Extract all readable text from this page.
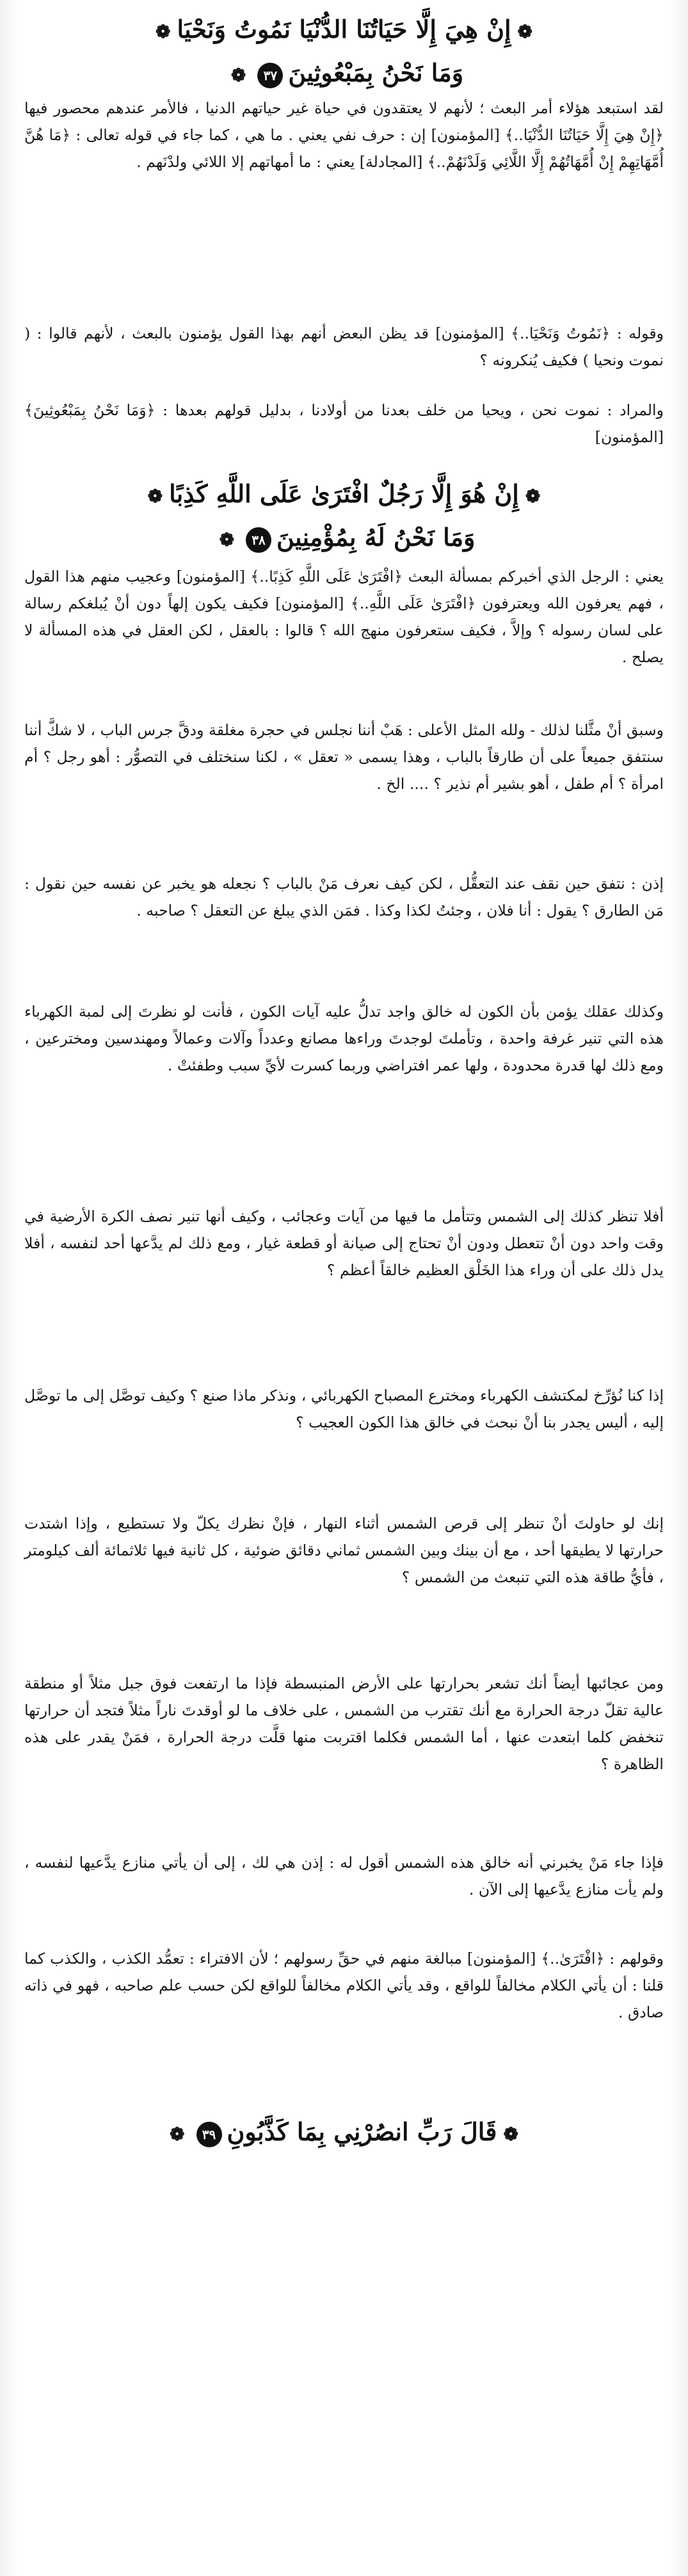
❁إِنْ هِيَ إِلَّا حَيَاتُنَا الدُّنْيَا نَمُوتُ وَنَحْيَا❁
وَمَا نَحْنُ بِمَبْعُوثِينَ٣٧❁

لقد استبعد هؤلاء أمر البعث ؛ لأنهم لا يعتقدون في حياة غير حياتهم الدنيا ، فالأمر عندهم محصور فيها ﴿إِنْ هِيَ إِلَّا حَيَاتُنَا الدُّنْيَا..﴾ [المؤمنون] إن : حرف نفي يعني . ما هي ، كما جاء في قوله تعالى : ﴿مَا هُنَّ أُمَّهَاتِهِمْ إِنْ أُمَّهَاتُهُمْ إِلَّا اللَّائِي وَلَدْنَهُمْ..﴾ [المجادلة] يعني : ما أمهاتهم إلا اللائي ولدْنَهم .

وقوله : ﴿نَمُوتُ وَنَحْيَا..﴾ [المؤمنون] قد يظن البعض أنهم بهذا القول يؤمنون بالبعث ، لأنهم قالوا : ( نموت ونحيا ) فكيف يُنكرونه ؟

والمراد : نموت نحن ، ويحيا من خلف بعدنا من أولادنا ، بدليل قولهم بعدها : ﴿وَمَا نَحْنُ بِمَبْعُوثِينَ﴾ [المؤمنون]

❁إِنْ هُوَ إِلَّا رَجُلٌ افْتَرَىٰ عَلَى اللَّهِ كَذِبًا❁
وَمَا نَحْنُ لَهُ بِمُؤْمِنِينَ٣٨❁

يعني : الرجل الذي أخبركم بمسألة البعث ﴿افْتَرَىٰ عَلَى اللَّهِ كَذِبًا..﴾ [المؤمنون] وعجيب منهم هذا القول ، فهم يعرفون الله ويعترفون ﴿افْتَرَىٰ عَلَى اللَّهِ..﴾ [المؤمنون] فكيف يكون إلهاً دون أنْ يُبلغكم رسالة على لسان رسوله ؟ وإلاَّ ، فكيف ستعرفون منهج الله ؟ قالوا : بالعقل ، لكن العقل في هذه المسألة لا يصلح .

وسبق أنْ مثَّلنا لذلك - ولله المثل الأعلى : هَبْ أننا نجلس في حجرة مغلقة ودقَّ جرس الباب ، لا شكَّ أننا سنتفق جميعاً على أن طارقاً بالباب ، وهذا يسمى « تعقل » ، لكنا سنختلف في التصوُّر : أهو رجل ؟ أم امرأة ؟ أم طفل ، أهو بشير أم نذير ؟ .... الخ .

إذن : نتفق حين نقف عند التعقُّل ، لكن كيف نعرف مَنْ بالباب ؟ نجعله هو يخبر عن نفسه حين نقول : مَن الطارق ؟ يقول : أنا فلان ، وجئتُ لكذا وكذا . فمَن الذي يبلغ عن التعقل ؟ صاحبه .

وكذلك عقلك يؤمن بأن الكون له خالق واجد تدلُّ عليه آيات الكون ، فأنت لو نظرتَ إلى لمبة الكهرباء هذه التي تنير غرفة واحدة ، وتأملتَ لوجدتَ وراءها مصانع وعدداً وآلات وعمالاً ومهندسين ومخترعين ، ومع ذلك لها قدرة محدودة ، ولها عمر افتراضي وربما كسرت لأيِّ سبب وطفئتْ .

أفلا تنظر كذلك إلى الشمس وتتأمل ما فيها من آيات وعجائب ، وكيف أنها تنير نصف الكرة الأرضية في وقت واحد دون أنْ تتعطل ودون أنْ تحتاج إلى صيانة أو قطعة غيار ، ومع ذلك لم يدَّعها أحد لنفسه ، أفلا يدل ذلك على أن وراء هذا الخَلْق العظيم خالقاً أعظم ؟

إذا كنا نُؤرِّخ لمكتشف الكهرباء ومخترع المصباح الكهربائي ، ونذكر ماذا صنع ؟ وكيف توصَّل إلى ما توصَّل إليه ، أليس يجدر بنا أنْ نبحث في خالق هذا الكون العجيب ؟

إنك لو حاولتَ أنْ تنظر إلى قرص الشمس أثناء النهار ، فإنْ نظرك يكلّ ولا تستطيع ، وإذا اشتدت حرارتها لا يطيقها أحد ، مع أن بينك وبين الشمس ثماني دقائق ضوئية ، كل ثانية فيها ثلاثمائة ألف كيلومتر ، فأيُّ طاقة هذه التي تنبعث من الشمس ؟

ومن عجائبها أيضاً أنك تشعر بحرارتها على الأرض المنبسطة فإذا ما ارتفعت فوق جبل مثلاً أو منطقة عالية تقلّ درجة الحرارة مع أنك تقترب من الشمس ، على خلاف ما لو أوقدتَ ناراً مثلاً فتجد أن حرارتها تنخفض كلما ابتعدت عنها ، أما الشمس فكلما اقتربت منها قلَّت درجة الحرارة ، فمَنْ يقدر على هذه الظاهرة ؟

فإذا جاء مَنْ يخبرني أنه خالق هذه الشمس أقول له : إذن هي لك ، إلى أن يأتي منازع يدَّعيها لنفسه ، ولم يأت منازع يدَّعيها إلى الآن .

وقولهم : ﴿افْتَرَىٰ..﴾ [المؤمنون] مبالغة منهم في حقِّ رسولهم ؛ لأن الافتراء : تعمُّد الكذب ، والكذب كما قلنا : أن يأتي الكلام مخالفاً للواقع ، وقد يأتي الكلام مخالفاً للواقع لكن حسب علم صاحبه ، فهو في ذاته صادق .

❁قَالَ رَبِّ انصُرْنِي بِمَا كَذَّبُونِ٣٩❁
